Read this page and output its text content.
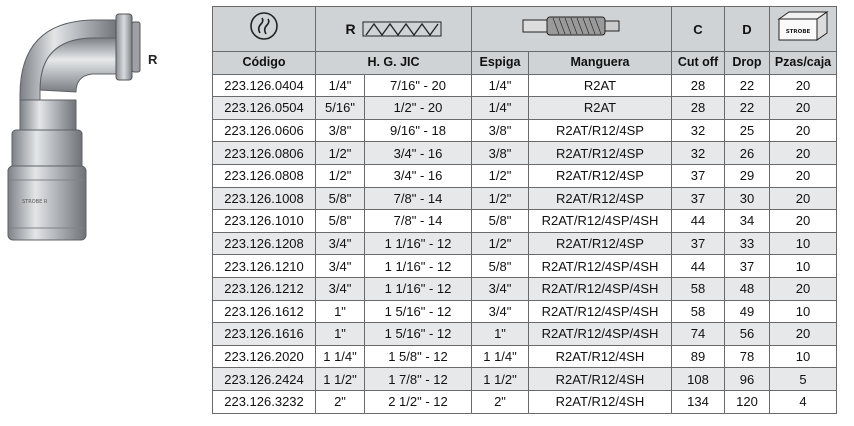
STROBE R
R

R				C	D	STROBE

Código	H. G. JIC		Espiga	Manguera	Cut off	Drop	Pzas/caja
223.126.0404	1/4"	7/16" - 20	1/4"	R2AT	28	22	20
223.126.0504	5/16"	1/2" - 20	1/4"	R2AT	28	22	20
223.126.0606	3/8"	9/16" - 18	3/8"	R2AT/R12/4SP	32	25	20
223.126.0806	1/2"	3/4" - 16	3/8"	R2AT/R12/4SP	32	26	20
223.126.0808	1/2"	3/4" - 16	1/2"	R2AT/R12/4SP	37	29	20
223.126.1008	5/8"	7/8" - 14	1/2"	R2AT/R12/4SP	37	30	20
223.126.1010	5/8"	7/8" - 14	5/8"	R2AT/R12/4SP/4SH	44	34	20
223.126.1208	3/4"	1 1/16" - 12	1/2"	R2AT/R12/4SP	37	33	10
223.126.1210	3/4"	1 1/16" - 12	5/8"	R2AT/R12/4SP/4SH	44	37	10
223.126.1212	3/4"	1 1/16" - 12	3/4"	R2AT/R12/4SP/4SH	58	48	20
223.126.1612	1"	1 5/16" - 12	3/4"	R2AT/R12/4SP/4SH	58	49	10
223.126.1616	1"	1 5/16" - 12	1"	R2AT/R12/4SP/4SH	74	56	20
223.126.2020	1 1/4"	1 5/8" - 12	1 1/4"	R2AT/R12/4SH	89	78	10
223.126.2424	1 1/2"	1 7/8" - 12	1 1/2"	R2AT/R12/4SH	108	96	5
223.126.3232	2"	2 1/2" - 12	2"	R2AT/R12/4SH	134	120	4
